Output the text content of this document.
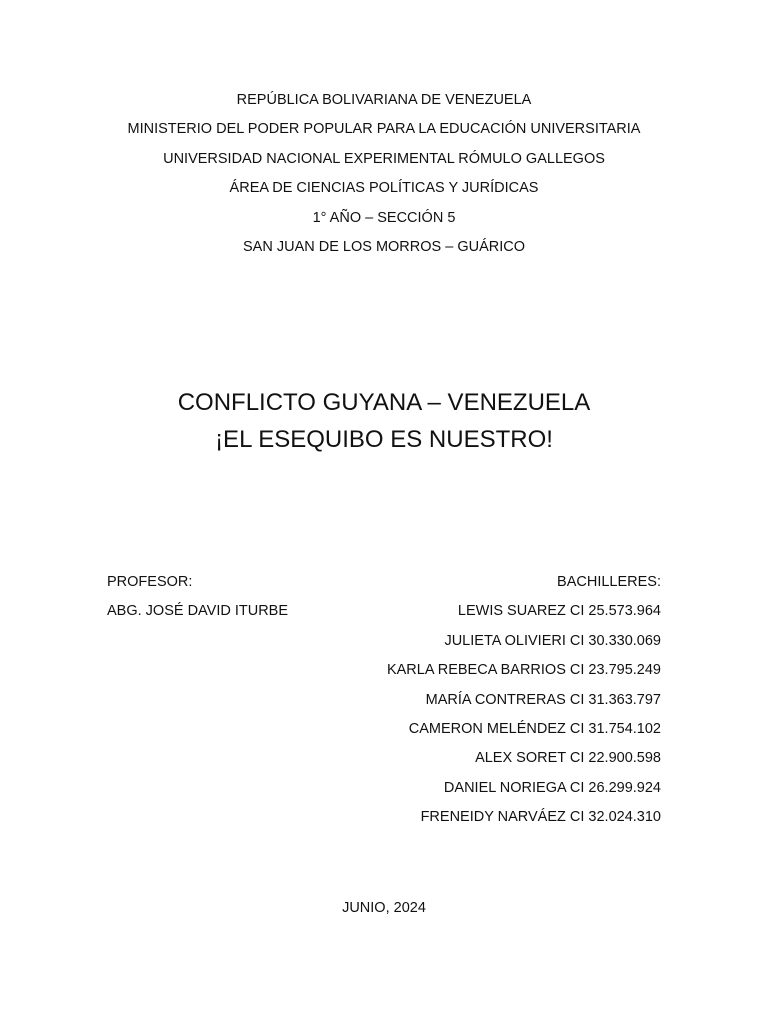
REPÚBLICA BOLIVARIANA DE VENEZUELA
MINISTERIO DEL PODER POPULAR PARA LA EDUCACIÓN UNIVERSITARIA
UNIVERSIDAD NACIONAL EXPERIMENTAL RÓMULO GALLEGOS
ÁREA DE CIENCIAS POLÍTICAS Y JURÍDICAS
1° AÑO – SECCIÓN 5
SAN JUAN DE LOS MORROS – GUÁRICO
CONFLICTO GUYANA – VENEZUELA
¡EL ESEQUIBO ES NUESTRO!
PROFESOR:
ABG. JOSÉ DAVID ITURBE
BACHILLERES:
LEWIS SUAREZ CI 25.573.964
JULIETA OLIVIERI CI 30.330.069
KARLA REBECA BARRIOS CI 23.795.249
MARÍA CONTRERAS CI 31.363.797
CAMERON MELÉNDEZ CI 31.754.102
ALEX SORET CI 22.900.598
DANIEL NORIEGA CI 26.299.924
FRENEIDY NARVÁEZ CI 32.024.310
JUNIO, 2024
